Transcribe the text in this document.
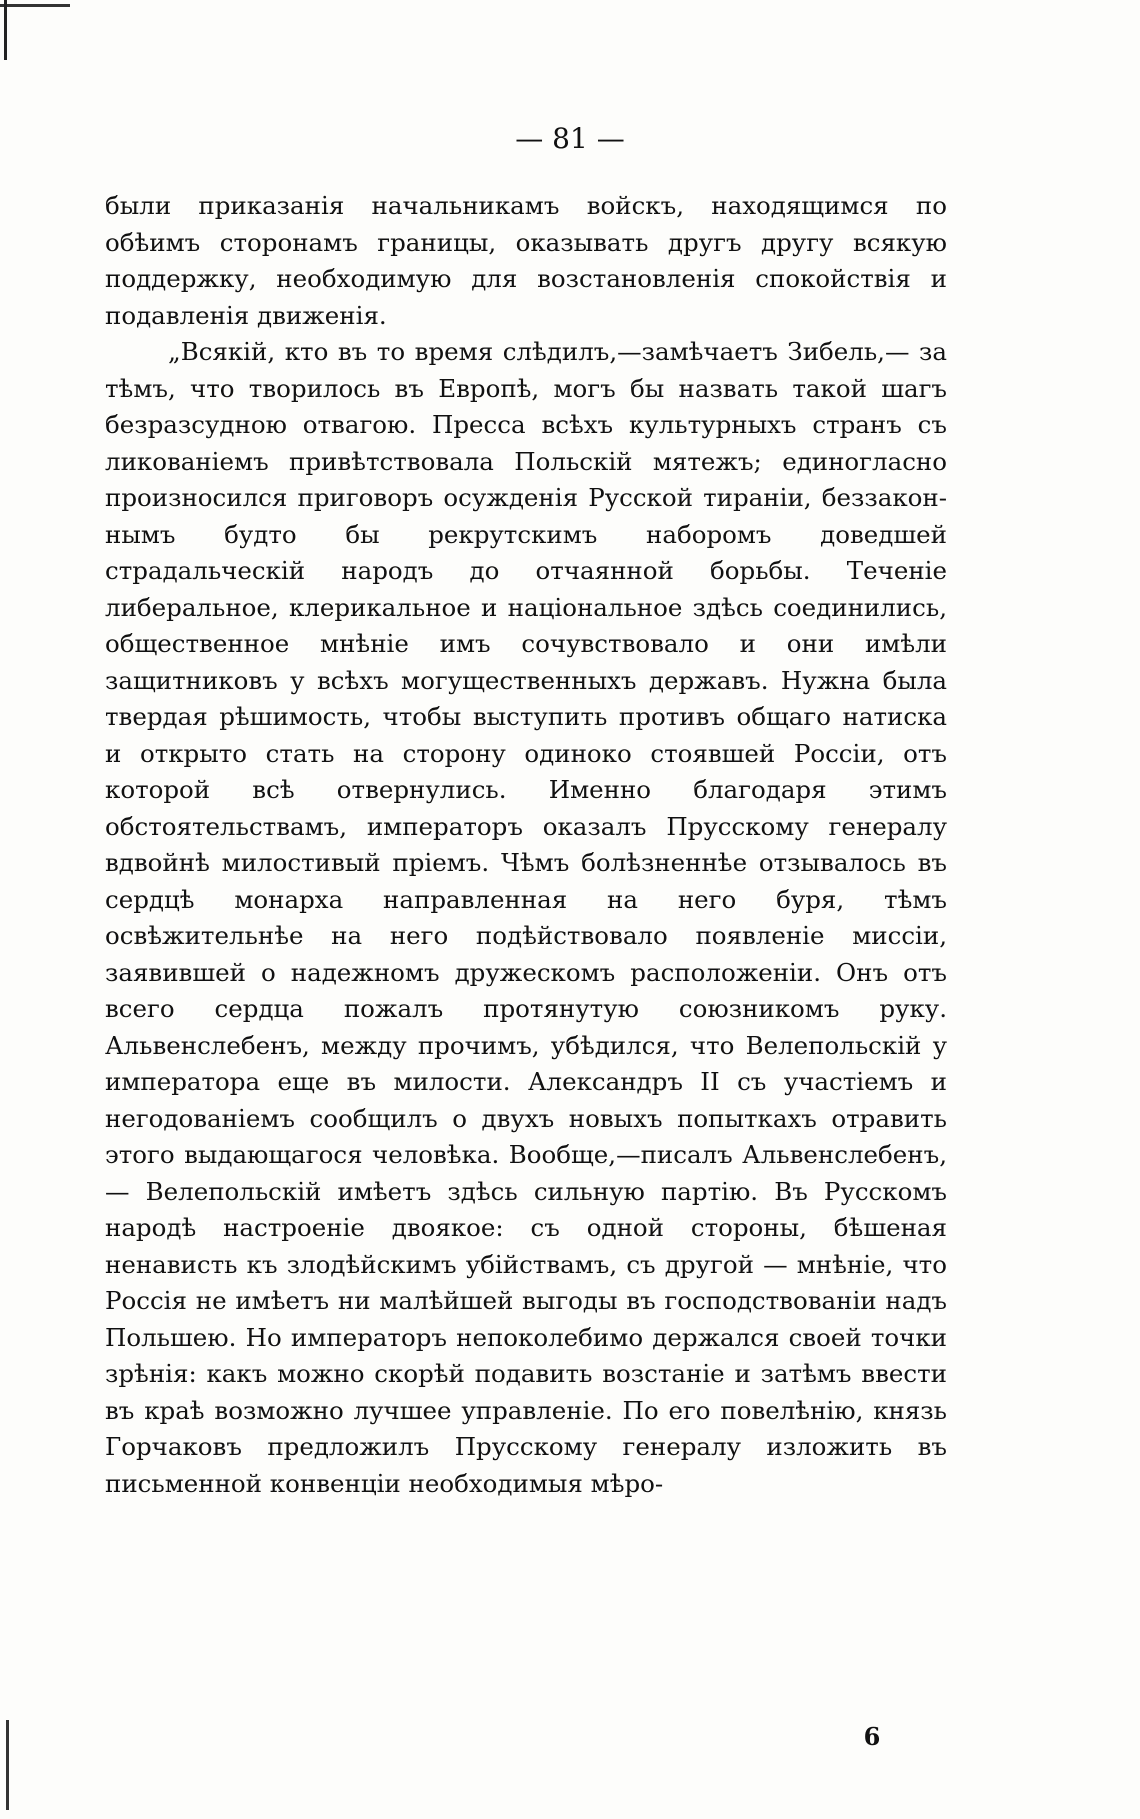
— 81 —

были приказанія начальникамъ войскъ, находящимся по обѣимъ сторонамъ границы, оказывать другъ другу всякую поддержку, необходимую для возстановленія спокойствія и подавленія движенія.

„Всякій, кто въ то время слѣдилъ,—замѣчаетъ Зибель,— за тѣмъ, что творилось въ Европѣ, могъ бы назвать такой шагъ безразсудною отвагою. Пресса всѣхъ культурныхъ странъ съ ликованіемъ привѣтствовала Польскій мятежъ; единогласно произносился приговоръ осужденія Русской тираніи, беззаконнымъ будто бы рекрутскимъ наборомъ доведшей страдальческій народъ до отчаянной борьбы. Теченіе либеральное, клерикальное и національное здѣсь соединились, общественное мнѣніе имъ сочувствовало и они имѣли защитниковъ у всѣхъ могущественныхъ державъ. Нужна была твердая рѣшимость, чтобы выступить противъ общаго натиска и открыто стать на сторону одиноко стоявшей Россіи, отъ которой всѣ отвернулись. Именно благодаря этимъ обстоятельствамъ, императоръ оказалъ Прусскому генералу вдвойнѣ милостивый пріемъ. Чѣмъ болѣзненнѣе отзывалось въ сердцѣ монарха направленная на него буря, тѣмъ освѣжительнѣе на него подѣйствовало появленіе миссіи, заявившей о надежномъ дружескомъ расположеніи. Онъ отъ всего сердца пожалъ протянутую союзникомъ руку. Альвенслебенъ, между прочимъ, убѣдился, что Велепольскій у императора еще въ милости. Александръ II съ участіемъ и негодованіемъ сообщилъ о двухъ новыхъ попыткахъ отравить этого выдающагося человѣка. Вообще,—писалъ Альвенслебенъ, — Велепольскій имѣетъ здѣсь сильную партію. Въ Русскомъ народѣ настроеніе двоякое: съ одной стороны, бѣшеная ненависть къ злодѣйскимъ убійствамъ, съ другой — мнѣніе, что Россія не имѣетъ ни малѣйшей выгоды въ господствованіи надъ Польшею. Но императоръ непоколебимо держался своей точки зрѣнія: какъ можно скорѣй подавить возстаніе и затѣмъ ввести въ краѣ возможно лучшее управленіе. По его повелѣнію, князь Горчаковъ предложилъ Прусскому генералу изложить въ письменной конвенціи необходимыя мѣро-

6
